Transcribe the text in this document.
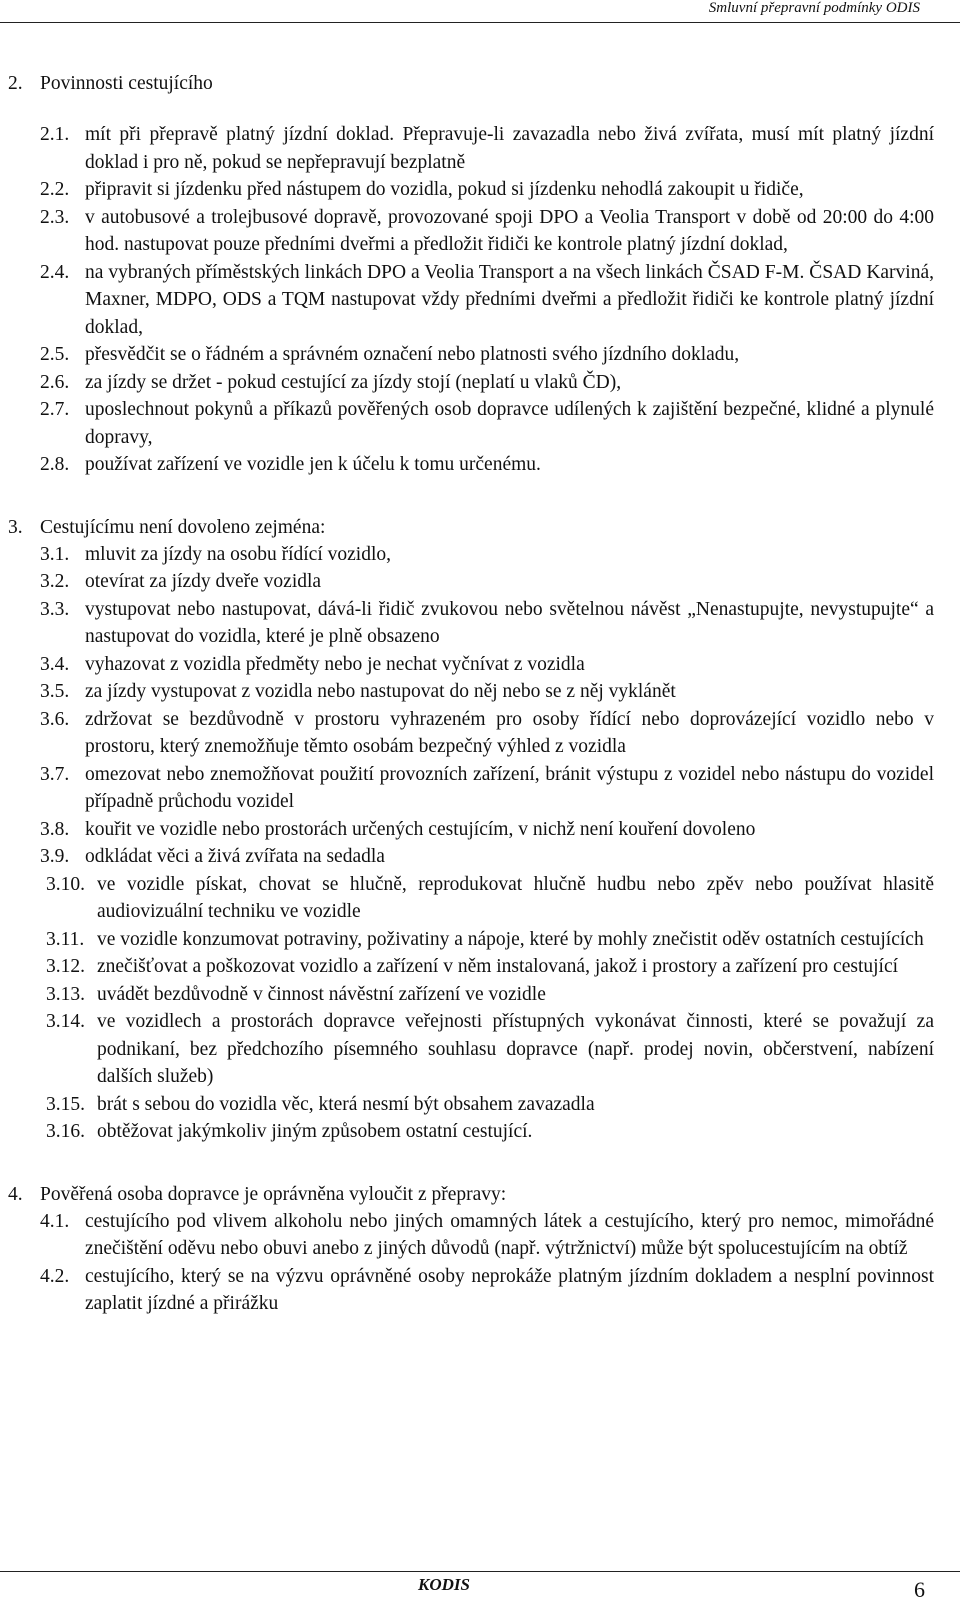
Smluvní přepravní podmínky ODIS

2. Povinnosti cestujícího

2.1. mít při přepravě platný jízdní doklad. Přepravuje-li zavazadla nebo živá zvířata, musí mít platný jízdní doklad i pro ně, pokud se nepřepravují bezplatně
2.2. připravit si jízdenku před nástupem do vozidla, pokud si jízdenku nehodlá zakoupit u řidiče,
2.3. v autobusové a trolejbusové dopravě, provozované spoji DPO a Veolia Transport v době od 20:00 do 4:00 hod. nastupovat pouze předními dveřmi a předložit řidiči ke kontrole platný jízdní doklad,
2.4. na vybraných příměstských linkách DPO a Veolia Transport a na všech linkách ČSAD F-M. ČSAD Karviná, Maxner, MDPO, ODS a TQM nastupovat vždy předními dveřmi a předložit řidiči ke kontrole platný jízdní doklad,
2.5. přesvědčit se o řádném a správném označení nebo platnosti svého jízdního dokladu,
2.6. za jízdy se držet - pokud cestující za jízdy stojí (neplatí u vlaků ČD),
2.7. uposlechnout pokynů a příkazů pověřených osob dopravce udílených k zajištění bezpečné, klidné a plynulé dopravy,
2.8. používat zařízení ve vozidle jen k účelu k tomu určenému.

3. Cestujícímu není dovoleno zejména:

3.1. mluvit za jízdy na osobu řídící vozidlo,
3.2. otevírat za jízdy dveře vozidla
3.3. vystupovat nebo nastupovat, dává-li řidič zvukovou nebo světelnou návěst „Nenastupujte, nevystupujte“ a nastupovat do vozidla, které je plně obsazeno
3.4. vyhazovat z vozidla předměty nebo je nechat vyčnívat z vozidla
3.5. za jízdy vystupovat z vozidla nebo nastupovat do něj nebo se z něj vyklánět
3.6. zdržovat se bezdůvodně v prostoru vyhrazeném pro osoby řídící nebo doprovázející vozidlo nebo v prostoru, který znemožňuje těmto osobám bezpečný výhled z vozidla
3.7. omezovat nebo znemožňovat použití provozních zařízení, bránit výstupu z vozidel nebo nástupu do vozidel případně průchodu vozidel
3.8. kouřit ve vozidle nebo prostorách určených cestujícím, v nichž není kouření dovoleno
3.9. odkládat věci a živá zvířata na sedadla
3.10. ve vozidle pískat, chovat se hlučně, reprodukovat hlučně hudbu nebo zpěv nebo používat hlasitě audiovizuální techniku ve vozidle
3.11. ve vozidle konzumovat potraviny, poživatiny a nápoje, které by mohly znečistit oděv ostatních cestujících
3.12. znečišťovat a poškozovat vozidlo a zařízení v něm instalovaná, jakož i prostory a zařízení pro cestující
3.13. uvádět bezdůvodně v činnost návěstní zařízení ve vozidle
3.14. ve vozidlech a prostorách dopravce veřejnosti přístupných vykonávat činnosti, které se považují za podnikaní, bez předchozího písemného souhlasu dopravce (např. prodej novin, občerstvení, nabízení dalších služeb)
3.15. brát s sebou do vozidla věc, která nesmí být obsahem zavazadla
3.16. obtěžovat jakýmkoliv jiným způsobem ostatní cestující.

4. Pověřená osoba dopravce je oprávněna vyloučit z přepravy:

4.1. cestujícího pod vlivem alkoholu nebo jiných omamných látek a cestujícího, který pro nemoc, mimořádné znečištění oděvu nebo obuvi anebo z jiných důvodů (např. výtržnictví) může být spolucestujícím na obtíž
4.2. cestujícího, který se na výzvu oprávněné osoby neprokáže platným jízdním dokladem a nesplní povinnost zaplatit jízdné a přirážku
KODIS	6
